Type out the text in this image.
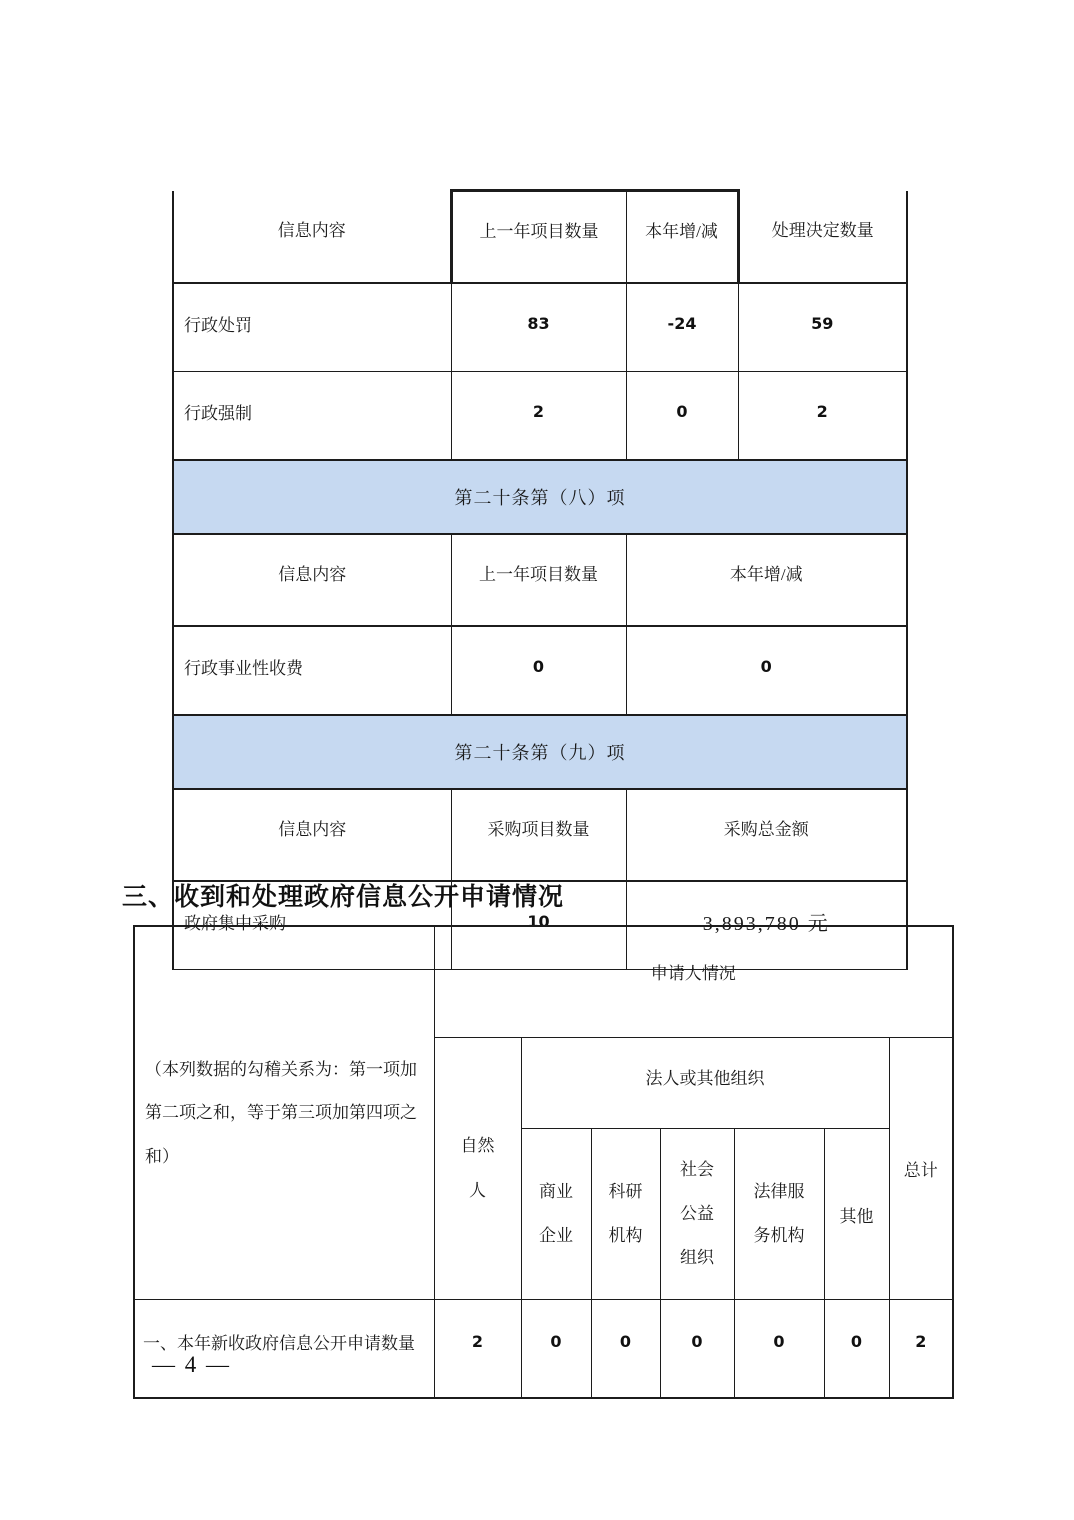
信息内容	上一年项目数量	本年增/减	处理决定数量
行政处罚	83	-24	59
行政强制	2	0	2
第二十条第（八）项			
信息内容	上一年项目数量	本年增/减	
行政事业性收费	0	0	
第二十条第（九）项			
信息内容	采购项目数量	采购总金额	
政府集中采购	10	3,893,780 元	
三、收到和处理政府信息公开申请情况
（本列数据的勾稽关系为：第一项加第二项之和，等于第三项加第四项之和）	申请人情况						
	自然人	法人或其他组织					总计
		商业企业	科研机构	社会公益组织	法律服务机构	其他	
一、本年新收政府信息公开申请数量	2	0	0	0	0	0	2
— 4 —
